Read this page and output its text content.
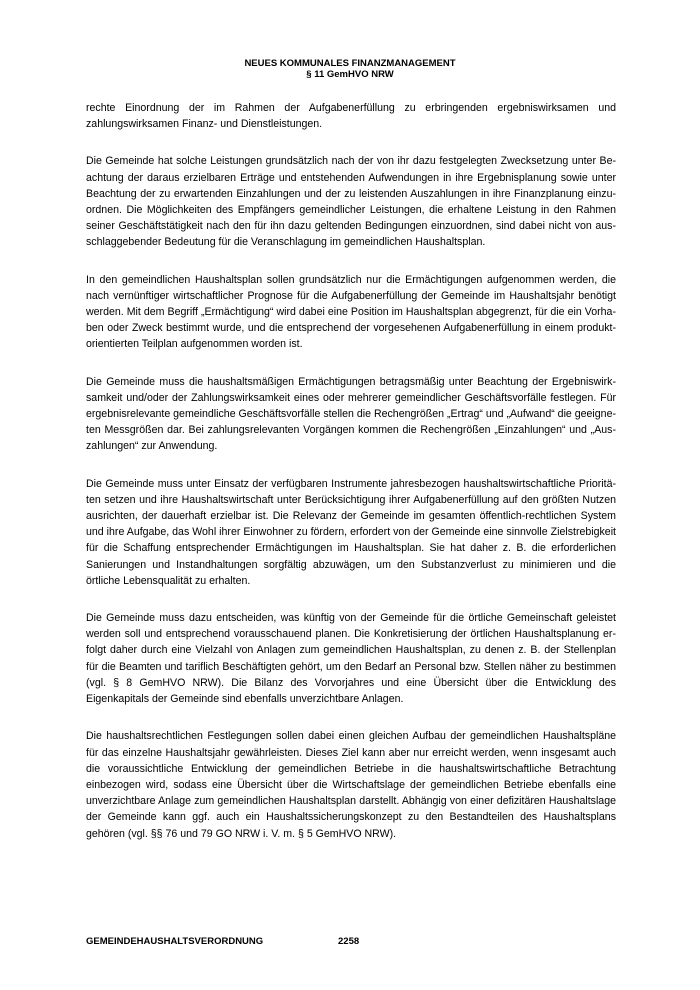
NEUES KOMMUNALES FINANZMANAGEMENT
§ 11 GemHVO NRW

rechte Einordnung der im Rahmen der Aufgabenerfüllung zu erbringenden ergebniswirksamen und zahlungswirksamen Finanz- und Dienstleistungen.

Die Gemeinde hat solche Leistungen grundsätzlich nach der von ihr dazu festgelegten Zwecksetzung unter Beachtung der daraus erzielbaren Erträge und entstehenden Aufwendungen in ihre Ergebnisplanung sowie unter Beachtung der zu erwartenden Einzahlungen und der zu leistenden Auszahlungen in ihre Finanzplanung einzuordnen. Die Möglichkeiten des Empfängers gemeindlicher Leistungen, die erhaltene Leistung in den Rahmen seiner Geschäftstätigkeit nach den für ihn dazu geltenden Bedingungen einzuordnen, sind dabei nicht von ausschlaggebender Bedeutung für die Veranschlagung im gemeindlichen Haushaltsplan.

In den gemeindlichen Haushaltsplan sollen grundsätzlich nur die Ermächtigungen aufgenommen werden, die nach vernünftiger wirtschaftlicher Prognose für die Aufgabenerfüllung der Gemeinde im Haushaltsjahr benötigt werden. Mit dem Begriff „Ermächtigung“ wird dabei eine Position im Haushaltsplan abgegrenzt, für die ein Vorhaben oder Zweck bestimmt wurde, und die entsprechend der vorgesehenen Aufgabenerfüllung in einem produktorientierten Teilplan aufgenommen worden ist.

Die Gemeinde muss die haushaltsmäßigen Ermächtigungen betragsmäßig unter Beachtung der Ergebniswirksamkeit und/oder der Zahlungswirksamkeit eines oder mehrerer gemeindlicher Geschäftsvorfälle festlegen. Für ergebnisrelevante gemeindliche Geschäftsvorfälle stellen die Rechengrößen „Ertrag“ und „Aufwand“ die geeigneten Messgrößen dar. Bei zahlungsrelevanten Vorgängen kommen die Rechengrößen „Einzahlungen“ und „Auszahlungen“ zur Anwendung.

Die Gemeinde muss unter Einsatz der verfügbaren Instrumente jahresbezogen haushaltswirtschaftliche Prioritäten setzen und ihre Haushaltswirtschaft unter Berücksichtigung ihrer Aufgabenerfüllung auf den größten Nutzen ausrichten, der dauerhaft erzielbar ist. Die Relevanz der Gemeinde im gesamten öffentlich-rechtlichen System und ihre Aufgabe, das Wohl ihrer Einwohner zu fördern, erfordert von der Gemeinde eine sinnvolle Zielstrebigkeit für die Schaffung entsprechender Ermächtigungen im Haushaltsplan. Sie hat daher z. B. die erforderlichen Sanierungen und Instandhaltungen sorgfältig abzuwägen, um den Substanzverlust zu minimieren und die örtliche Lebensqualität zu erhalten.

Die Gemeinde muss dazu entscheiden, was künftig von der Gemeinde für die örtliche Gemeinschaft geleistet werden soll und entsprechend vorausschauend planen. Die Konkretisierung der örtlichen Haushaltsplanung erfolgt daher durch eine Vielzahl von Anlagen zum gemeindlichen Haushaltsplan, zu denen z. B. der Stellenplan für die Beamten und tariflich Beschäftigten gehört, um den Bedarf an Personal bzw. Stellen näher zu bestimmen (vgl. § 8 GemHVO NRW). Die Bilanz des Vorvorjahres und eine Übersicht über die Entwicklung des Eigenkapitals der Gemeinde sind ebenfalls unverzichtbare Anlagen.

Die haushaltsrechtlichen Festlegungen sollen dabei einen gleichen Aufbau der gemeindlichen Haushaltspläne für das einzelne Haushaltsjahr gewährleisten. Dieses Ziel kann aber nur erreicht werden, wenn insgesamt auch die voraussichtliche Entwicklung der gemeindlichen Betriebe in die haushaltswirtschaftliche Betrachtung einbezogen wird, sodass eine Übersicht über die Wirtschaftslage der gemeindlichen Betriebe ebenfalls eine unverzichtbare Anlage zum gemeindlichen Haushaltsplan darstellt. Abhängig von einer defizitären Haushaltslage der Gemeinde kann ggf. auch ein Haushaltssicherungskonzept zu den Bestandteilen des Haushaltsplans gehören (vgl. §§ 76 und 79 GO NRW i. V. m. § 5 GemHVO NRW).

GEMEINDEHAUSHALTSVERORDNUNG	2258
